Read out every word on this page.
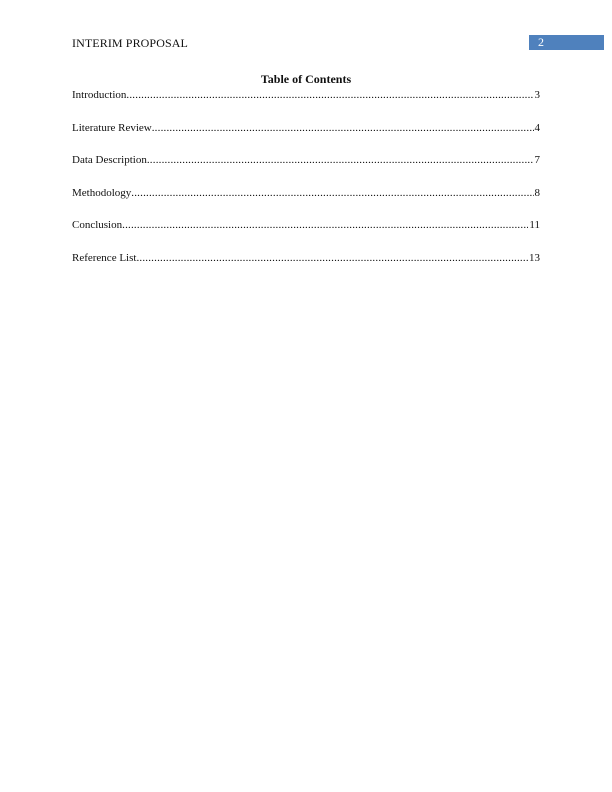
INTERIM PROPOSAL	2
Table of Contents
Introduction .....	3
Literature Review .....	4
Data Description .....	7
Methodology .....	8
Conclusion .....	11
Reference List .....	13
